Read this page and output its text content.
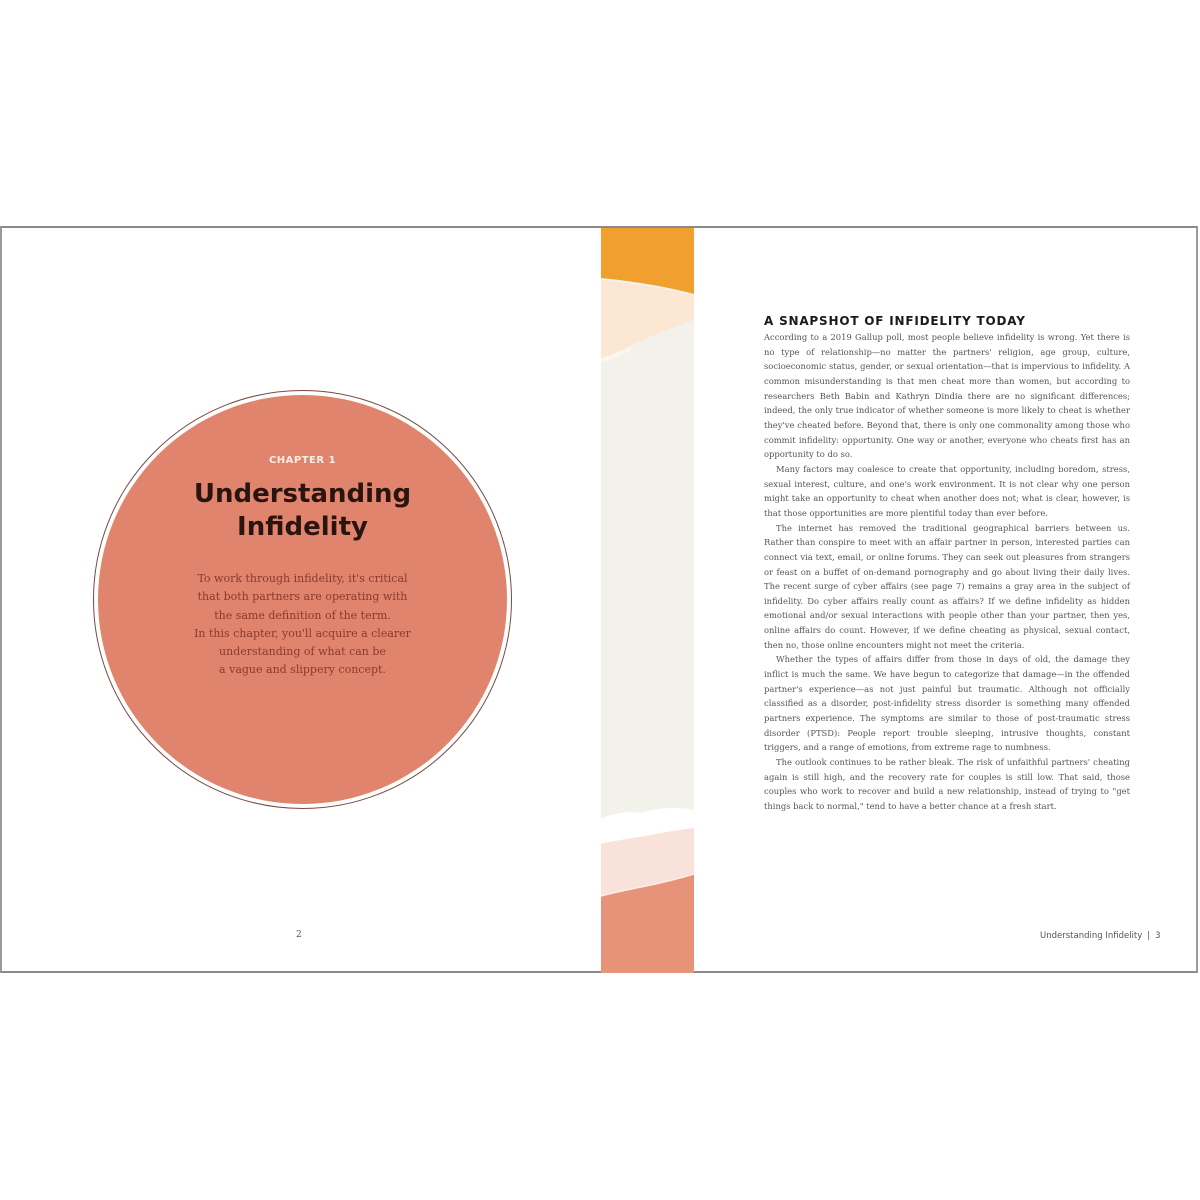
CHAPTER 1
Understanding
Infidelity
To work through infidelity, it's critical
that both partners are operating with
the same definition of the term.
In this chapter, you'll acquire a clearer
understanding of what can be
a vague and slippery concept.
2
A SNAPSHOT OF INFIDELITY TODAY

According to a 2019 Gallup poll, most people believe infidelity is wrong. Yet there is no type of relationship—no matter the partners' religion, age group, culture, socioeconomic status, gender, or sexual orientation—that is impervious to infidelity. A common misunderstanding is that men cheat more than women, but according to researchers Beth Babin and Kathryn Dindia there are no significant differences; indeed, the only true indicator of whether someone is more likely to cheat is whether they've cheated before. Beyond that, there is only one commonality among those who commit infidelity: opportunity. One way or another, everyone who cheats first has an opportunity to do so.

Many factors may coalesce to create that opportunity, including boredom, stress, sexual interest, culture, and one's work environment. It is not clear why one person might take an opportunity to cheat when another does not; what is clear, however, is that those opportunities are more plentiful today than ever before.

The internet has removed the traditional geographical barriers between us. Rather than conspire to meet with an affair partner in person, interested parties can connect via text, email, or online forums. They can seek out pleasures from strangers or feast on a buffet of on-demand pornography and go about living their daily lives. The recent surge of cyber affairs (see page 7) remains a gray area in the subject of infidelity. Do cyber affairs really count as affairs? If we define infidelity as hidden emotional and/or sexual interactions with people other than your partner, then yes, online affairs do count. However, if we define cheating as physical, sexual contact, then no, those online encounters might not meet the criteria.

Whether the types of affairs differ from those in days of old, the damage they inflict is much the same. We have begun to categorize that damage—in the offended partner's experience—as not just painful but traumatic. Although not officially classified as a disorder, post-infidelity stress disorder is something many offended partners experience. The symptoms are similar to those of post-traumatic stress disorder (PTSD): People report trouble sleeping, intrusive thoughts, constant triggers, and a range of emotions, from extreme rage to numbness.

The outlook continues to be rather bleak. The risk of unfaithful partners' cheating again is still high, and the recovery rate for couples is still low. That said, those couples who work to recover and build a new relationship, instead of trying to "get things back to normal," tend to have a better chance at a fresh start.

Understanding Infidelity | 3
